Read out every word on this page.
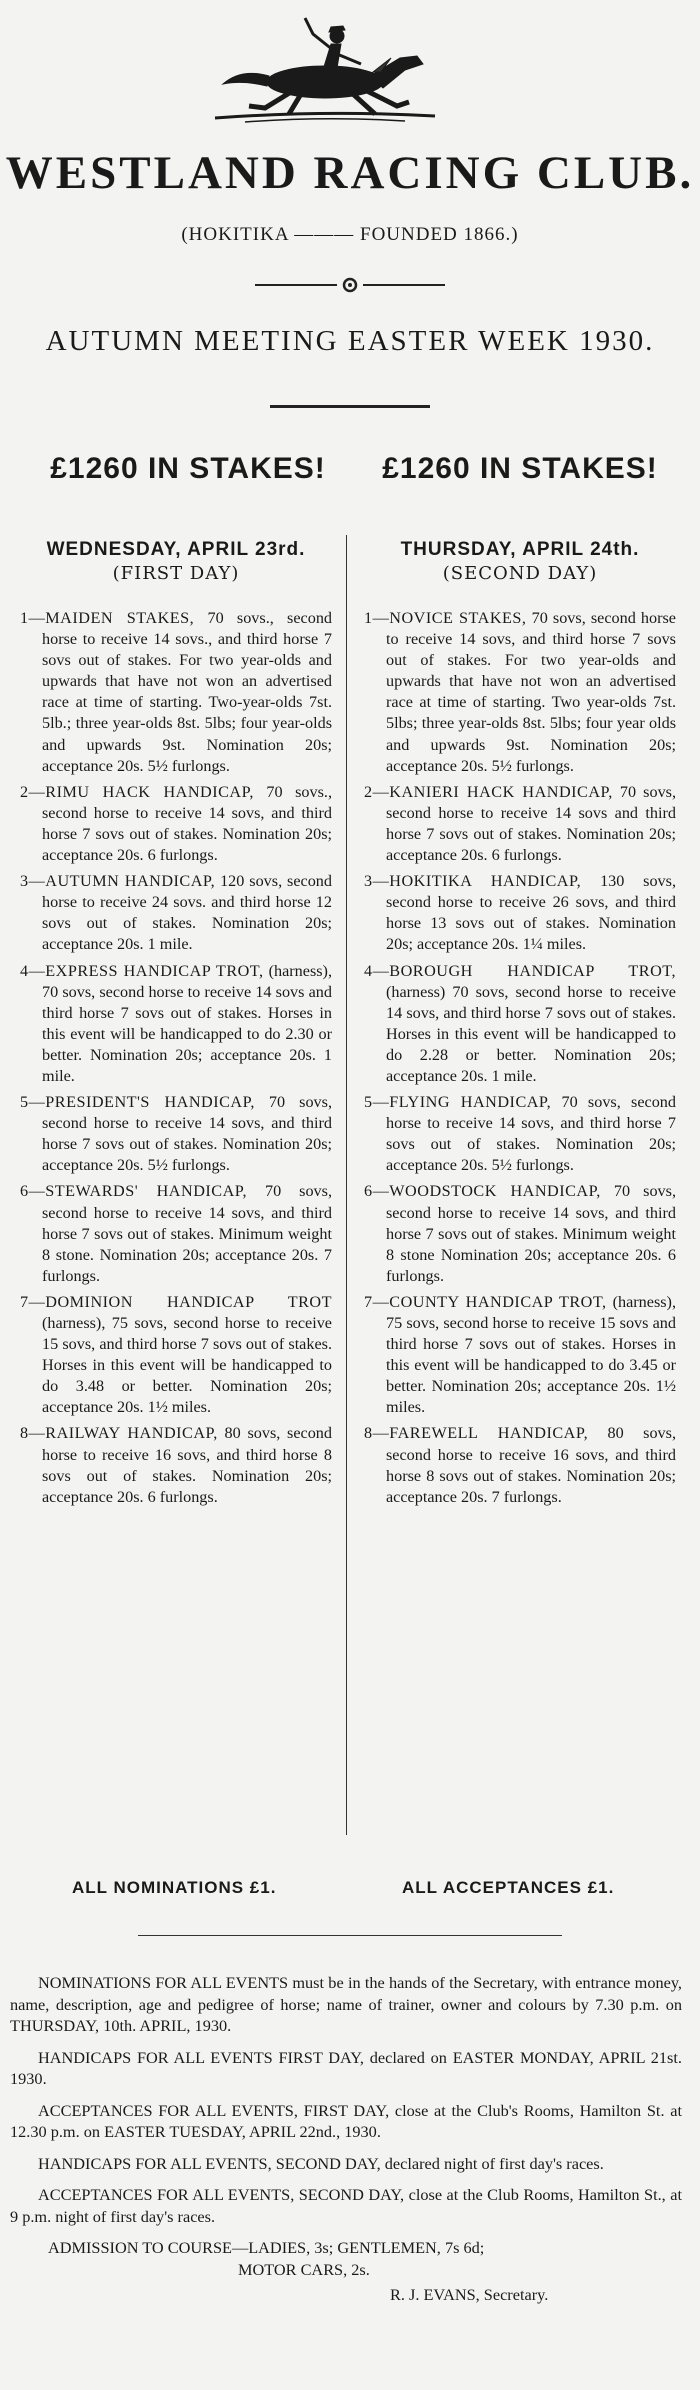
WESTLAND RACING CLUB.
(HOKITIKA ——— FOUNDED 1866.)
AUTUMN MEETING EASTER WEEK 1930.
£1260 IN STAKES!	£1260 IN STAKES!
WEDNESDAY, APRIL 23rd.
(FIRST DAY)
1—MAIDEN STAKES, 70 sovs., second horse to receive 14 sovs., and third horse 7 sovs out of stakes. For two year-olds and upwards that have not won an advertised race at time of starting. Two-year-olds 7st. 5lb.; three year-olds 8st. 5lbs; four year-olds and upwards 9st. Nomination 20s; acceptance 20s. 5½ furlongs.
2—RIMU HACK HANDICAP, 70 sovs., second horse to receive 14 sovs, and third horse 7 sovs out of stakes. Nomination 20s; acceptance 20s. 6 furlongs.
3—AUTUMN HANDICAP, 120 sovs, second horse to receive 24 sovs. and third horse 12 sovs out of stakes. Nomination 20s; acceptance 20s. 1 mile.
4—EXPRESS HANDICAP TROT, (harness), 70 sovs, second horse to receive 14 sovs and third horse 7 sovs out of stakes. Horses in this event will be handicapped to do 2.30 or better. Nomination 20s; acceptance 20s. 1 mile.
5—PRESIDENT'S HANDICAP, 70 sovs, second horse to receive 14 sovs, and third horse 7 sovs out of stakes. Nomination 20s; acceptance 20s. 5½ furlongs.
6—STEWARDS' HANDICAP, 70 sovs, second horse to receive 14 sovs, and third horse 7 sovs out of stakes. Minimum weight 8 stone. Nomination 20s; acceptance 20s. 7 furlongs.
7—DOMINION HANDICAP TROT (harness), 75 sovs, second horse to receive 15 sovs, and third horse 7 sovs out of stakes. Horses in this event will be handicapped to do 3.48 or better. Nomination 20s; acceptance 20s. 1½ miles.
8—RAILWAY HANDICAP, 80 sovs, second horse to receive 16 sovs, and third horse 8 sovs out of stakes. Nomination 20s; acceptance 20s. 6 furlongs.
THURSDAY, APRIL 24th.
(SECOND DAY)
1—NOVICE STAKES, 70 sovs, second horse to receive 14 sovs, and third horse 7 sovs out of stakes. For two year-olds and upwards that have not won an advertised race at time of starting. Two year-olds 7st. 5lbs; three year-olds 8st. 5lbs; four year olds and upwards 9st. Nomination 20s; acceptance 20s. 5½ furlongs.
2—KANIERI HACK HANDICAP, 70 sovs, second horse to receive 14 sovs and third horse 7 sovs out of stakes. Nomination 20s; acceptance 20s. 6 furlongs.
3—HOKITIKA HANDICAP, 130 sovs, second horse to receive 26 sovs, and third horse 13 sovs out of stakes. Nomination 20s; acceptance 20s. 1¼ miles.
4—BOROUGH HANDICAP TROT, (harness) 70 sovs, second horse to receive 14 sovs, and third horse 7 sovs out of stakes. Horses in this event will be handicapped to do 2.28 or better. Nomination 20s; acceptance 20s. 1 mile.
5—FLYING HANDICAP, 70 sovs, second horse to receive 14 sovs, and third horse 7 sovs out of stakes. Nomination 20s; acceptance 20s. 5½ furlongs.
6—WOODSTOCK HANDICAP, 70 sovs, second horse to receive 14 sovs, and third horse 7 sovs out of stakes. Minimum weight 8 stone Nomination 20s; acceptance 20s. 6 furlongs.
7—COUNTY HANDICAP TROT, (harness), 75 sovs, second horse to receive 15 sovs and third horse 7 sovs out of stakes. Horses in this event will be handicapped to do 3.45 or better. Nomination 20s; acceptance 20s. 1½ miles.
8—FAREWELL HANDICAP, 80 sovs, second horse to receive 16 sovs, and third horse 8 sovs out of stakes. Nomination 20s; acceptance 20s. 7 furlongs.
ALL NOMINATIONS £1.	ALL ACCEPTANCES £1.

NOMINATIONS FOR ALL EVENTS must be in the hands of the Secretary, with entrance money, name, description, age and pedigree of horse; name of trainer, owner and colours by 7.30 p.m. on THURSDAY, 10th. APRIL, 1930.

HANDICAPS FOR ALL EVENTS FIRST DAY, declared on EASTER MONDAY, APRIL 21st. 1930.

ACCEPTANCES FOR ALL EVENTS, FIRST DAY, close at the Club's Rooms, Hamilton St. at 12.30 p.m. on EASTER TUESDAY, APRIL 22nd., 1930.

HANDICAPS FOR ALL EVENTS, SECOND DAY, declared night of first day's races.

ACCEPTANCES FOR ALL EVENTS, SECOND DAY, close at the Club Rooms, Hamilton St., at 9 p.m. night of first day's races.

ADMISSION TO COURSE—LADIES, 3s; GENTLEMEN, 7s 6d;

MOTOR CARS, 2s.

R. J. EVANS, Secretary.
